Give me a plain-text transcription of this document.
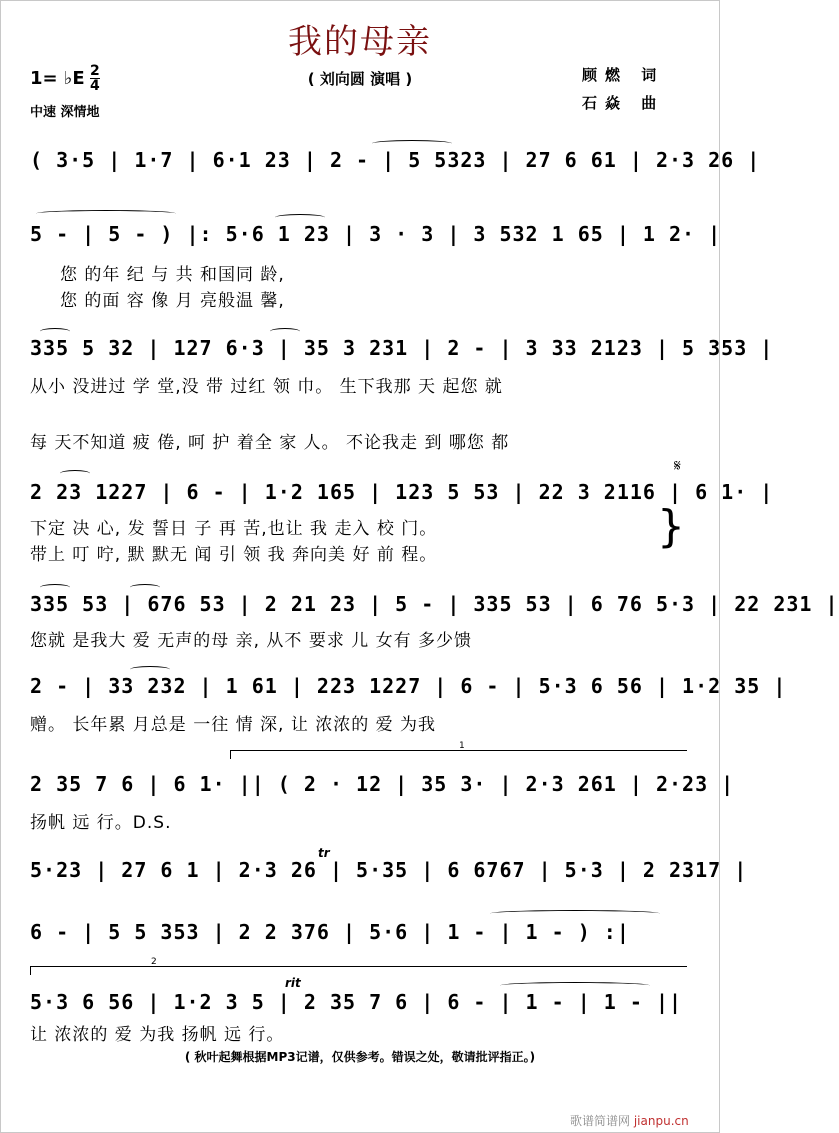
我的母亲
( 刘向圆 演唱 )	顾燃 词
石焱 曲
1= ♭E $\frac{2}{4}$
中速 深情地
( 3·5 | 1·7 | 6·1 23 | 2 - | 5 5323 | 27 6 61 | 2·3 26 |
5 - | 5 - ) |: 5·6 1 23 | 3 · 3 | 3 532 1 65 | 1 2· |
您 的年 纪 与 共 和国同 龄,
您 的面 容 像 月 亮般温 馨,
335 5 32 | 127 6·3 | 35 3 231 | 2 - | 3 33 2123 | 5 353 |
从小 没进过 学 堂,没 带 过红 领 巾。 生下我那 天 起您 就
每 天不知道 疲 倦, 呵 护 着全 家 人。 不论我走 到 哪您 都
𝄋
2 23 1227 | 6 - | 1·2 165 | 123 5 53 | 22 3 2116 | 6 1· |
下定 决 心, 发 誓日 子 再 苦,也让 我 走入 校 门。
带上 叮 咛, 默 默无 闻 引 领 我 奔向美 好 前 程。
}
335 53 | 676 53 | 2 21 23 | 5 - | 335 53 | 6 76 5·3 | 22 231 |
您就 是我大 爱 无声的母 亲, 从不 要求 儿 女有 多少馈
2 - | 33 232 | 1 61 | 223 1227 | 6 - | 5·3 6 56 | 1·2 35 |
赠。 长年累 月总是 一往 情 深, 让 浓浓的 爱 为我
1
2 35 7 6 | 6 1· || ( 2 · 12 | 35 3· | 2·3 261 | 2·23 |
扬帆 远 行。D.S.
tr
5·23 | 27 6 1 | 2·3 26 | 5·35 | 6 6767 | 5·3 | 2 2317 |
6 - | 5 5 353 | 2 2 376 | 5·6 | 1 - | 1 - ) :|
2
rit
5·3 6 56 | 1·2 3 5 | 2 35 7 6 | 6 - | 1 - | 1 - ||
让 浓浓的 爱 为我 扬帆 远 行。
( 秋叶起舞根据MP3记谱，仅供参考。错误之处，敬请批评指正。)
歌谱简谱网 jianpu.cn
